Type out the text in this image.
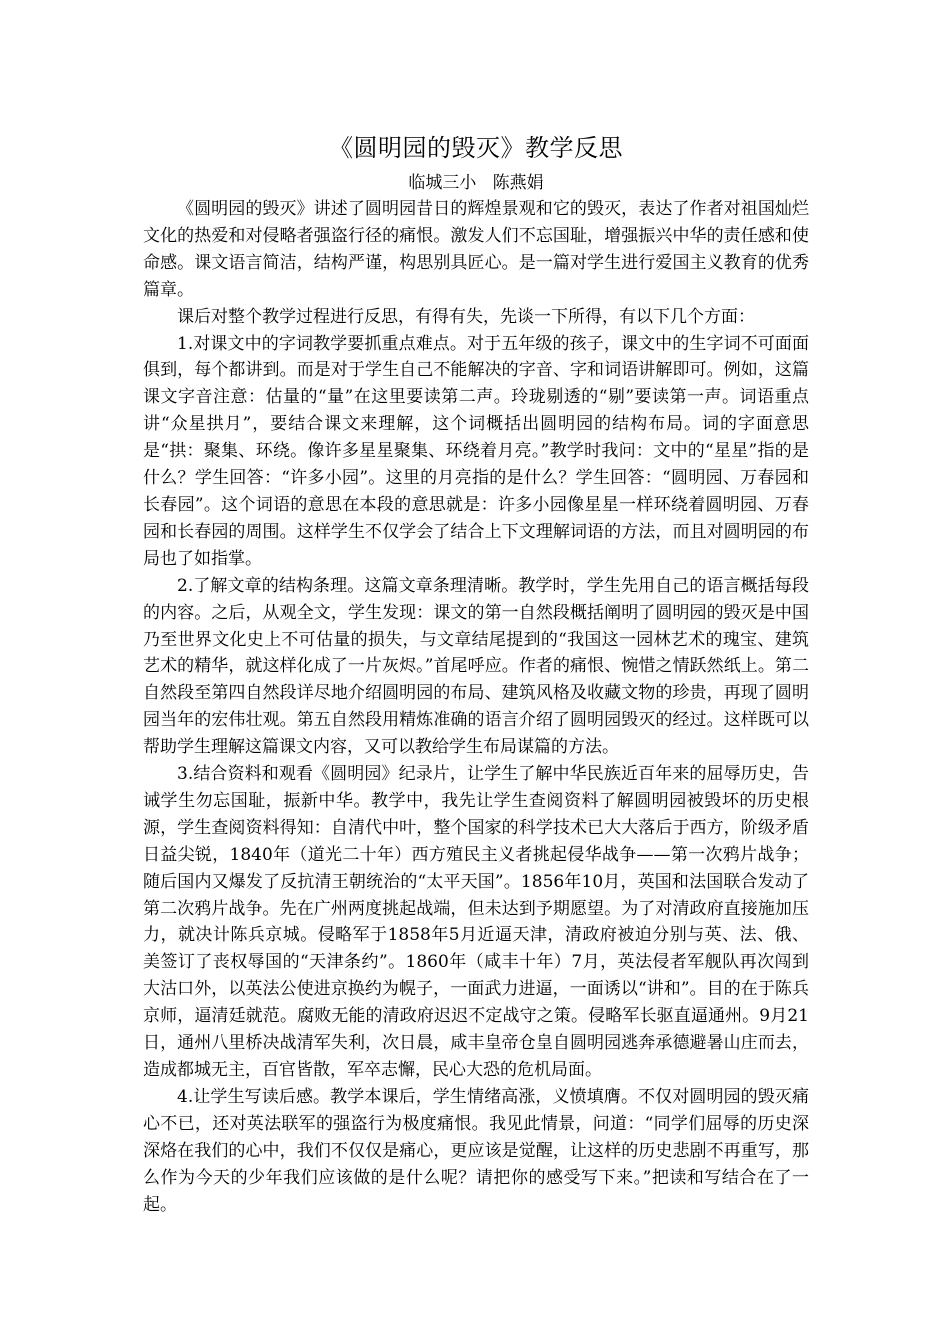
《圆明园的毁灭》教学反思
临城三小   陈燕娟

《圆明园的毁灭》讲述了圆明园昔日的辉煌景观和它的毁灭，表达了作者对祖国灿烂文化的热爱和对侵略者强盗行径的痛恨。激发人们不忘国耻，增强振兴中华的责任感和使命感。课文语言简洁，结构严谨，构思别具匠心。是一篇对学生进行爱国主义教育的优秀篇章。

课后对整个教学过程进行反思，有得有失，先谈一下所得，有以下几个方面：

1.对课文中的字词教学要抓重点难点。对于五年级的孩子，课文中的生字词不可面面俱到，每个都讲到。而是对于学生自己不能解决的字音、字和词语讲解即可。例如，这篇课文字音注意：估量的“量”在这里要读第二声。玲珑剔透的“剔”要读第一声。词语重点讲“众星拱月”，要结合课文来理解，这个词概括出圆明园的结构布局。词的字面意思是“拱：聚集、环绕。像许多星星聚集、环绕着月亮。”教学时我问：文中的“星星”指的是什么？学生回答：“许多小园”。这里的月亮指的是什么？学生回答：“圆明园、万春园和长春园”。这个词语的意思在本段的意思就是：许多小园像星星一样环绕着圆明园、万春园和长春园的周围。这样学生不仅学会了结合上下文理解词语的方法，而且对圆明园的布局也了如指掌。

2.了解文章的结构条理。这篇文章条理清晰。教学时，学生先用自己的语言概括每段的内容。之后，从观全文，学生发现：课文的第一自然段概括阐明了圆明园的毁灭是中国乃至世界文化史上不可估量的损失，与文章结尾提到的“我国这一园林艺术的瑰宝、建筑艺术的精华，就这样化成了一片灰烬。”首尾呼应。作者的痛恨、惋惜之情跃然纸上。第二自然段至第四自然段详尽地介绍圆明园的布局、建筑风格及收藏文物的珍贵，再现了圆明园当年的宏伟壮观。第五自然段用精炼准确的语言介绍了圆明园毁灭的经过。这样既可以帮助学生理解这篇课文内容，又可以教给学生布局谋篇的方法。

3.结合资料和观看《圆明园》纪录片，让学生了解中华民族近百年来的屈辱历史，告诫学生勿忘国耻，振新中华。教学中，我先让学生查阅资料了解圆明园被毁坏的历史根源，学生查阅资料得知：自清代中叶，整个国家的科学技术已大大落后于西方，阶级矛盾日益尖锐，1840年（道光二十年）西方殖民主义者挑起侵华战争——第一次鸦片战争；随后国内又爆发了反抗清王朝统治的“太平天国”。1856年10月，英国和法国联合发动了第二次鸦片战争。先在广州两度挑起战端，但未达到予期愿望。为了对清政府直接施加压力，就决计陈兵京城。侵略军于1858年5月近逼天津，清政府被迫分别与英、法、俄、美签订了丧权辱国的“天津条约”。1860年（咸丰十年）7月，英法侵者军舰队再次闯到大沽口外，以英法公使进京换约为幌子，一面武力进逼，一面诱以“讲和”。目的在于陈兵京师，逼清廷就范。腐败无能的清政府迟迟不定战守之策。侵略军长驱直逼通州。9月21日，通州八里桥决战清军失利，次日晨，咸丰皇帝仓皇自圆明园逃奔承德避暑山庄而去，造成都城无主，百官皆散，军卒志懈，民心大恐的危机局面。

4.让学生写读后感。教学本课后，学生情绪高涨，义愤填膺。不仅对圆明园的毁灭痛心不已，还对英法联军的强盗行为极度痛恨。我见此情景，问道：“同学们屈辱的历史深深烙在我们的心中，我们不仅仅是痛心，更应该是觉醒，让这样的历史悲剧不再重写，那么作为今天的少年我们应该做的是什么呢？请把你的感受写下来。”把读和写结合在了一起。
